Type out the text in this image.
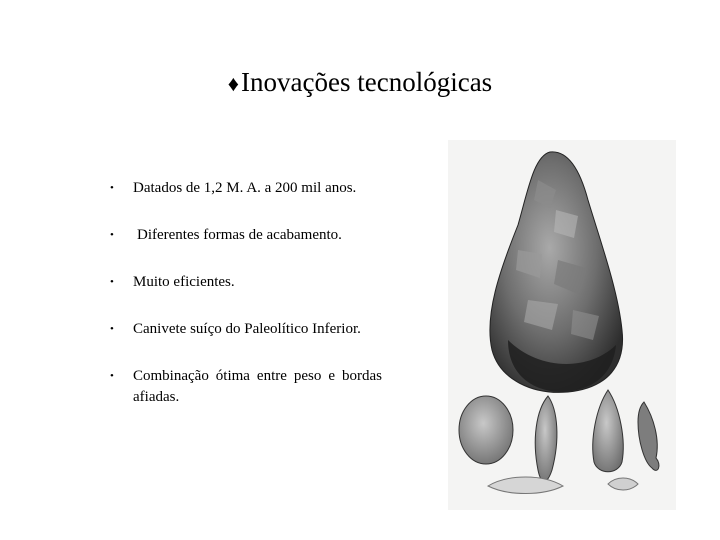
♦Inovações tecnológicas
• Datados de 1,2 M. A. a 200 mil anos.
• Diferentes formas de acabamento.
• Muito eficientes.
• Canivete suíço do Paleolítico Inferior.
• Combinação ótima entre peso e bordas afiadas.
